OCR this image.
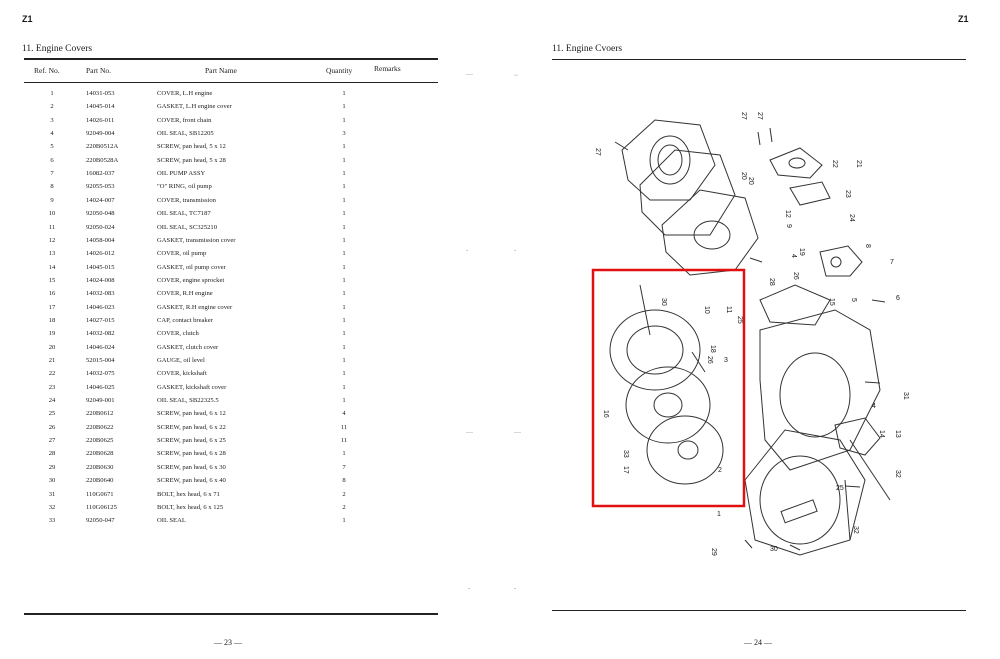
Z1
11. Engine Covers
Ref. No.	Part No.	Part Name	Quantity	Remarks
1	14031-053	COVER, L.H engine	1
2	14045-014	GASKET, L.H engine cover	1
3	14026-011	COVER, front chain	1
4	92049-004	OIL SEAL, SB12205	3
5	220B0512A	SCREW, pan head, 5 x 12	1
6	220B0528A	SCREW, pan head, 5 x 28	1
7	16082-037	OIL PUMP ASSY	1
8	92055-053	"O" RING, oil pump	1
9	14024-007	COVER, transmission	1
10	92050-048	OIL SEAL, TC7187	1
11	92050-024	OIL SEAL, SC325210	1
12	14058-004	GASKET, transmission cover	1
13	14026-012	COVER, oil pump	1
14	14045-015	GASKET, oil pump cover	1
15	14024-008	COVER, engine sprocket	1
16	14032-083	COVER, R.H engine	1
17	14046-023	GASKET, R.H engine cover	1
18	14027-015	CAP, contact breaker	1
19	14032-082	COVER, clutch	1
20	14046-024	GASKET, clutch cover	1
21	52015-004	GAUGE, oil level	1
22	14032-075	COVER, kickshaft	1
23	14046-025	GASKET, kickshaft cover	1
24	92049-001	OIL SEAL, SB22325.5	1
25	220B0612	SCREW, pan head, 6 x 12	4
26	220B0622	SCREW, pan head, 6 x 22	11
27	220B0625	SCREW, pan head, 6 x 25	11
28	220B0628	SCREW, pan head, 6 x 28	1
29	220B0630	SCREW, pan head, 6 x 30	7
30	220B0640	SCREW, pan head, 6 x 40	8
31	110G0671	BOLT, hex head, 6 x 71	2
32	110G06125	BOLT, hex head, 6 x 125	2
33	92050-047	OIL SEAL	1
— 23 —
—	~
-	-
—	—
-	-
Z1
11. Engine Cvoers
27
27 27
22
23
24
20
12
9
19
8
7
4
26
28
6
5
15
10 11
30
25
18
26 3
16
33
17	2
31
13
14
4
32
25
1
29	30
32
21
20
— 24 —
